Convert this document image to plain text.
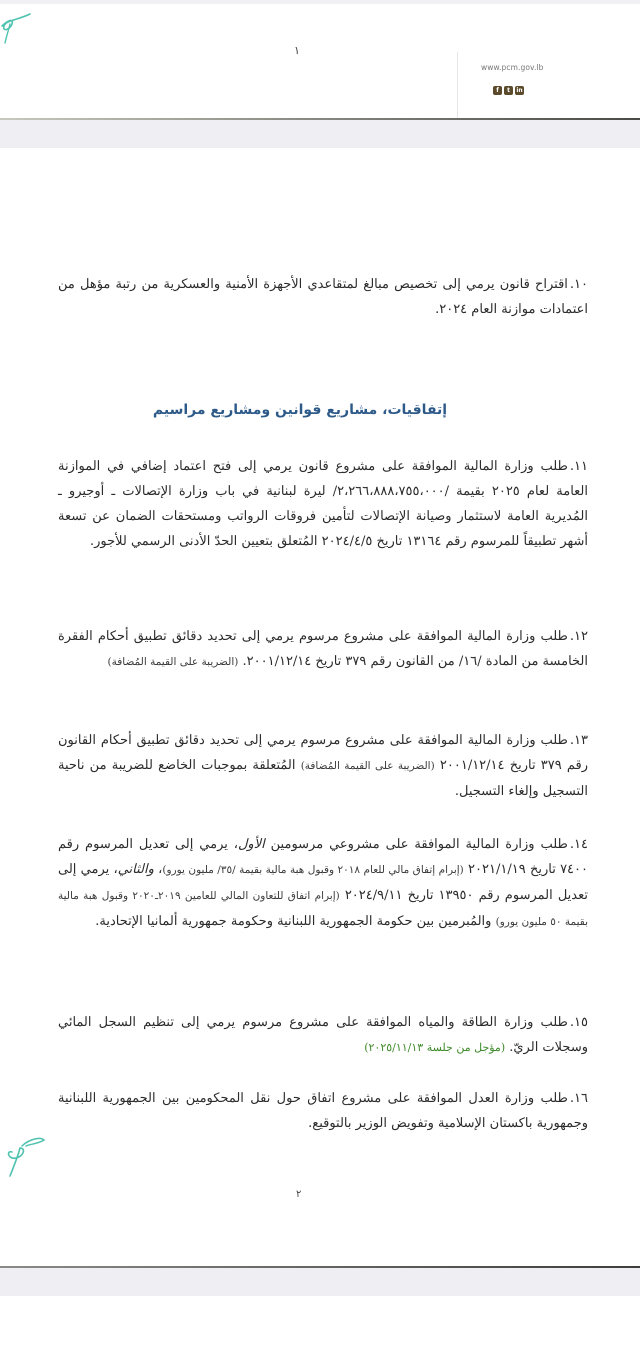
١
www.pcm.gov.lb
f	t	in
١٠.اقتراح قانون يرمي إلى تخصيص مبالغ لمتقاعدي الأجهزة الأمنية والعسكرية من رتبة مؤهل من اعتمادات موازنة العام ٢٠٢٤.
إتفاقيات، مشاريع قوانين ومشاريع مراسيم
١١.طلب وزارة المالية الموافقة على مشروع قانون يرمي إلى فتح اعتماد إضافي في الموازنة العامة لعام ٢٠٢٥ بقيمة /٢،٢٦٦،٨٨٨،٧٥٥،٠٠٠/ ليرة لبنانية في باب وزارة الإتصالات ـ أوجيرو ـ المُديرية العامة لاستثمار وصيانة الإتصالات لتأمين فروقات الرواتب ومستحقات الضمان عن تسعة أشهر تطبيقاً للمرسوم رقم ١٣١٦٤ تاريخ ٢٠٢٤/٤/٥ المُتعلق بتعيين الحدّ الأدنى الرسمي للأجور.
١٢.طلب وزارة المالية الموافقة على مشروع مرسوم يرمي إلى تحديد دقائق تطبيق أحكام الفقرة الخامسة من المادة /١٦/ من القانون رقم ٣٧٩ تاريخ ٢٠٠١/١٢/١٤. (الضريبة على القيمة المُضافة)
١٣.طلب وزارة المالية الموافقة على مشروع مرسوم يرمي إلى تحديد دقائق تطبيق أحكام القانون رقم ٣٧٩ تاريخ ٢٠٠١/١٢/١٤ (الضريبة على القيمة المُضافة) المُتعلقة بموجبات الخاضع للضريبة من ناحية التسجيل وإلغاء التسجيل.
١٤.طلب وزارة المالية الموافقة على مشروعي مرسومين الأول، يرمي إلى تعديل المرسوم رقم ٧٤٠٠ تاريخ ٢٠٢١/١/١٩ (إبرام إتفاق مالي للعام ٢٠١٨ وقبول هبة مالية بقيمة /٣٥/ مليون يورو)، والثاني، يرمي إلى تعديل المرسوم رقم ١٣٩٥٠ تاريخ ٢٠٢٤/٩/١١ (إبرام اتفاق للتعاون المالي للعامين ٢٠١٩ـ٢٠٢٠ وقبول هبة مالية بقيمة ٥٠ مليون يورو) والمُبرمين بين حكومة الجمهورية اللبنانية وحكومة جمهورية ألمانيا الإتحادية.
١٥.طلب وزارة الطاقة والمياه الموافقة على مشروع مرسوم يرمي إلى تنظيم السجل المائي وسجلات الريّ. (مؤجل من جلسة ٢٠٢٥/١١/١٣)
١٦.طلب وزارة العدل الموافقة على مشروع اتفاق حول نقل المحكومين بين الجمهورية اللبنانية وجمهورية باكستان الإسلامية وتفويض الوزير بالتوقيع.
٢
